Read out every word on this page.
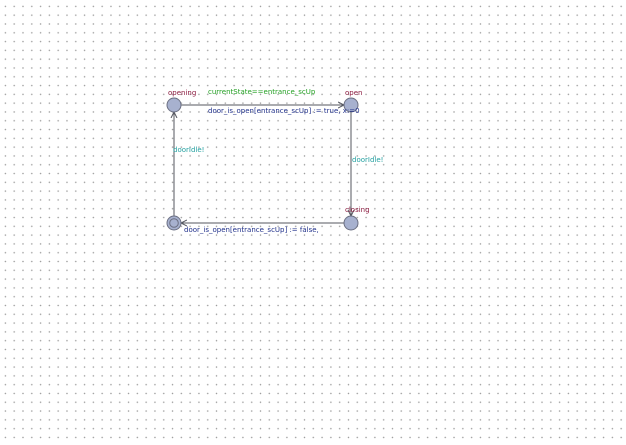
opening	open
closing
currentState==entrance_scUp
door_is_open[entrance_scUp] := true, x:=0
doorIdle!
door_is_open[entrance_scUp] := false,
doorIdle!
